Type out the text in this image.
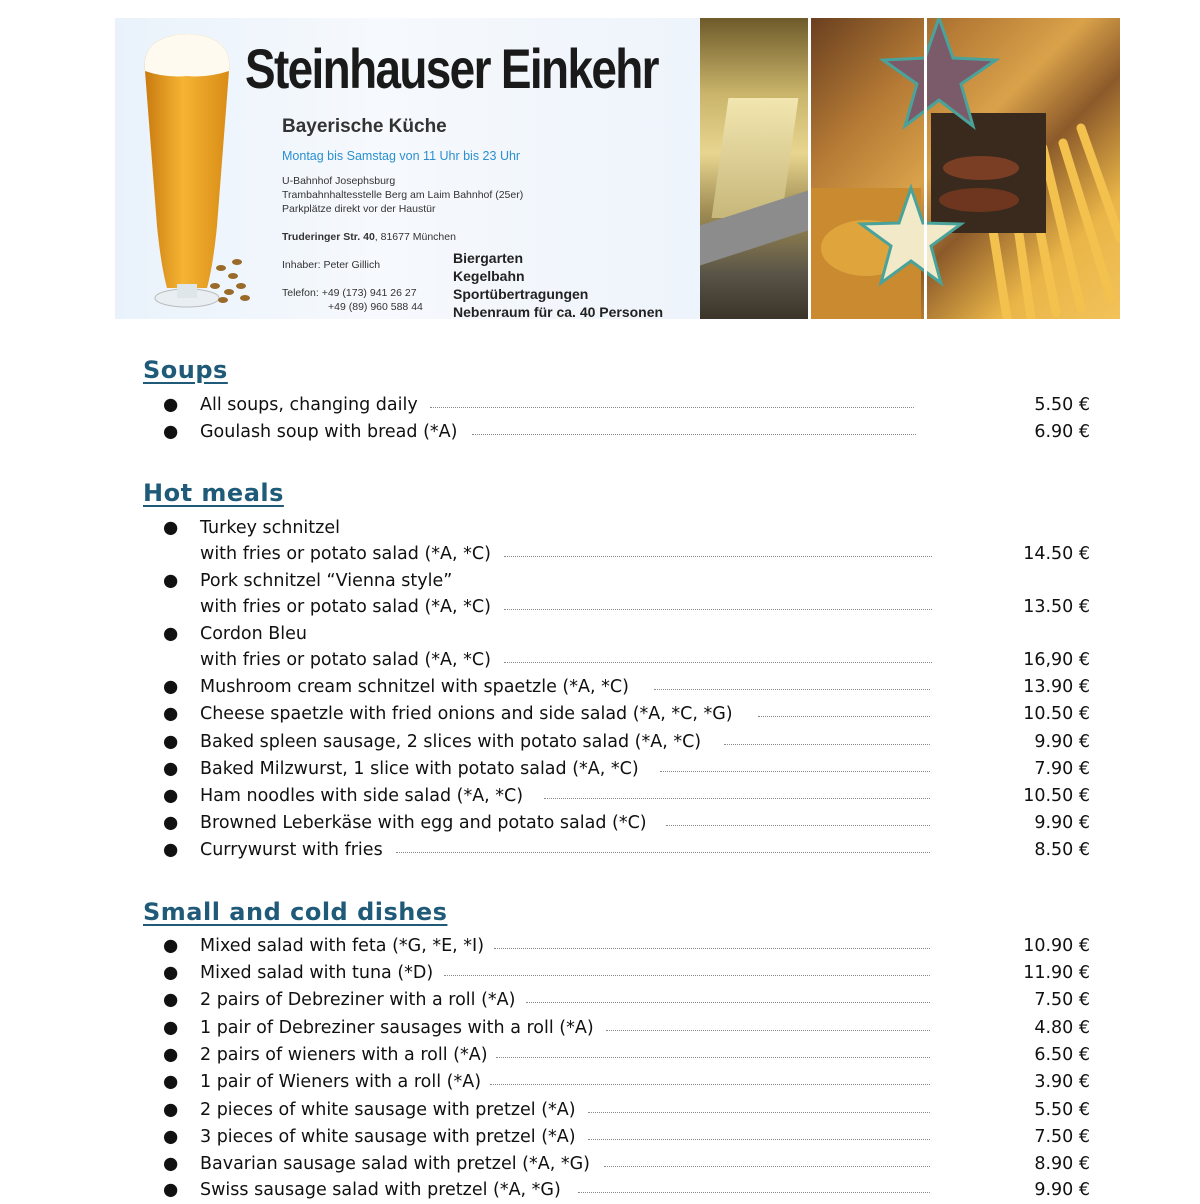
Steinhauser Einkehr
Bayerische Küche
Montag bis Samstag von 11 Uhr bis 23 Uhr
U-Bahnhof Josephsburg
Trambahnhaltesstelle Berg am Laim Bahnhof (25er)
Parkplätze direkt vor der Haustür
Truderinger Str. 40, 81677 München
Inhaber: Peter Gillich
Telefon: +49 (173) 941 26 27
+49 (89) 960 588 44
Biergarten
Kegelbahn
Sportübertragungen
Nebenraum für ca. 40 Personen
Soups
● All soups, changing daily	5.50 €
● Goulash soup with bread (*A)	6.90 €
Hot meals
● Turkey schnitzel
with fries or potato salad (*A, *C)	14.50 €
● Pork schnitzel “Vienna style”
with fries or potato salad (*A, *C)	13.50 €
● Cordon Bleu
with fries or potato salad (*A, *C)	16,90 €
● Mushroom cream schnitzel with spaetzle (*A, *C)	13.90 €
● Cheese spaetzle with fried onions and side salad (*A, *C, *G)	10.50 €
● Baked spleen sausage, 2 slices with potato salad (*A, *C)	9.90 €
● Baked Milzwurst, 1 slice with potato salad (*A, *C)	7.90 €
● Ham noodles with side salad (*A, *C)	10.50 €
● Browned Leberkäse with egg and potato salad (*C)	9.90 €
● Currywurst with fries	8.50 €
Small and cold dishes
● Mixed salad with feta (*G, *E, *I)	10.90 €
● Mixed salad with tuna (*D)	11.90 €
● 2 pairs of Debreziner with a roll (*A)	7.50 €
● 1 pair of Debreziner sausages with a roll (*A)	4.80 €
● 2 pairs of wieners with a roll (*A)	6.50 €
● 1 pair of Wieners with a roll (*A)	3.90 €
● 2 pieces of white sausage with pretzel (*A)	5.50 €
● 3 pieces of white sausage with pretzel (*A)	7.50 €
● Bavarian sausage salad with pretzel (*A, *G)	8.90 €
● Swiss sausage salad with pretzel (*A, *G)	9.90 €
